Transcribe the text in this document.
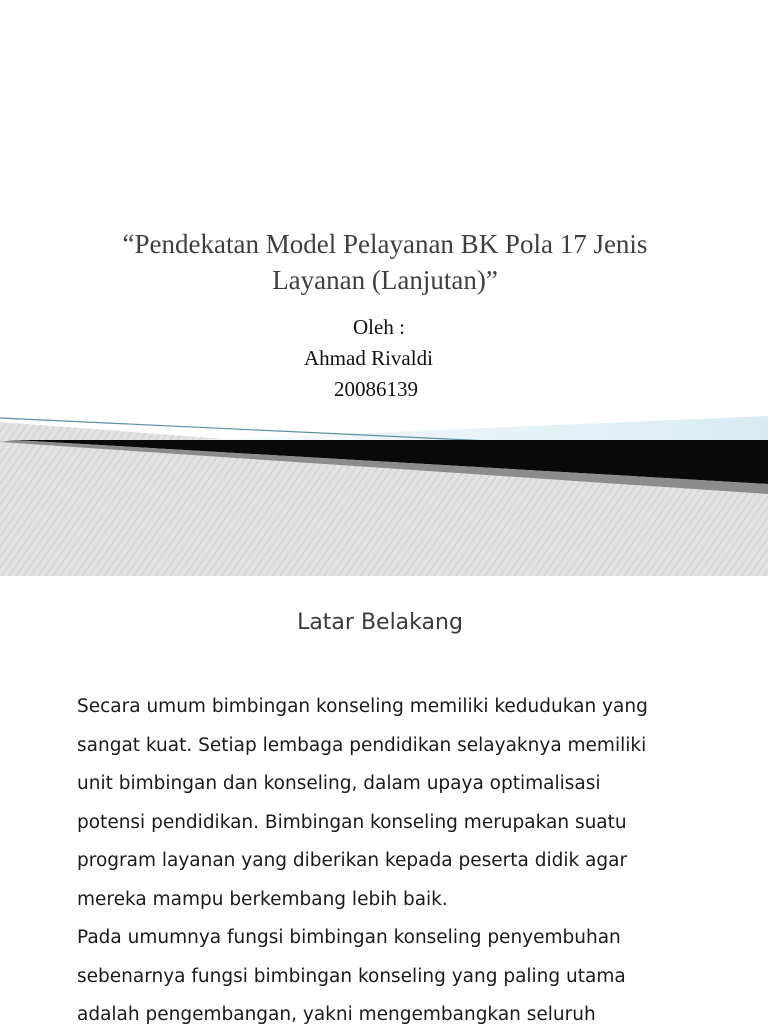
“Pendekatan Model Pelayanan BK Pola 17 Jenis
Layanan (Lanjutan)”
Oleh :
Ahmad Rivaldi
20086139
Latar Belakang
Secara umum bimbingan konseling memiliki kedudukan yang
sangat kuat. Setiap lembaga pendidikan selayaknya memiliki
unit bimbingan dan konseling, dalam upaya optimalisasi
potensi pendidikan. Bimbingan konseling merupakan suatu
program layanan yang diberikan kepada peserta didik agar
mereka mampu berkembang lebih baik.
Pada umumnya fungsi bimbingan konseling penyembuhan
sebenarnya fungsi bimbingan konseling yang paling utama
adalah pengembangan, yakni mengembangkan seluruh
